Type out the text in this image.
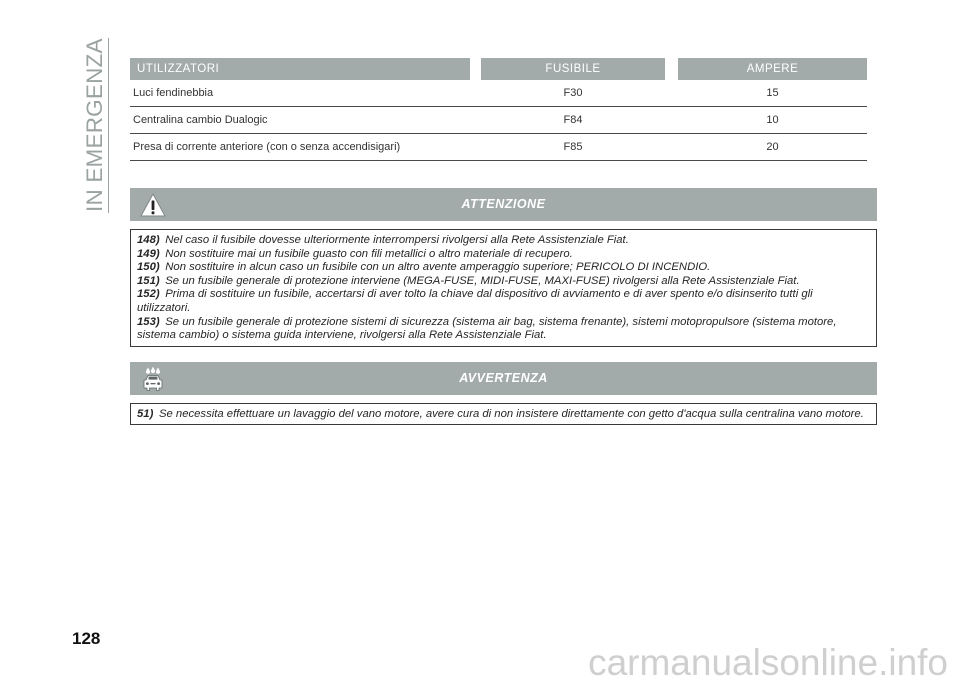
IN EMERGENZA	UTILIZZATORI	FUSIBILE	AMPERE
Luci fendinebbia	F30	15
Centralina cambio Dualogic	F84	10
Presa di corrente anteriore (con o senza accendisigari)	F85	20
ATTENZIONE
148) Nel caso il fusibile dovesse ulteriormente interrompersi rivolgersi alla Rete Assistenziale Fiat.
149) Non sostituire mai un fusibile guasto con fili metallici o altro materiale di recupero.
150) Non sostituire in alcun caso un fusibile con un altro avente amperaggio superiore; PERICOLO DI INCENDIO.
151) Se un fusibile generale di protezione interviene (MEGA-FUSE, MIDI-FUSE, MAXI-FUSE) rivolgersi alla Rete Assistenziale Fiat.
152) Prima di sostituire un fusibile, accertarsi di aver tolto la chiave dal dispositivo di avviamento e di aver spento e/o disinserito tutti gli utilizzatori.
153) Se un fusibile generale di protezione sistemi di sicurezza (sistema air bag, sistema frenante), sistemi motopropulsore (sistema motore, sistema cambio) o sistema guida interviene, rivolgersi alla Rete Assistenziale Fiat.
AVVERTENZA
51) Se necessita effettuare un lavaggio del vano motore, avere cura di non insistere direttamente con getto d'acqua sulla centralina vano motore.
128
carmanualsonline.info
